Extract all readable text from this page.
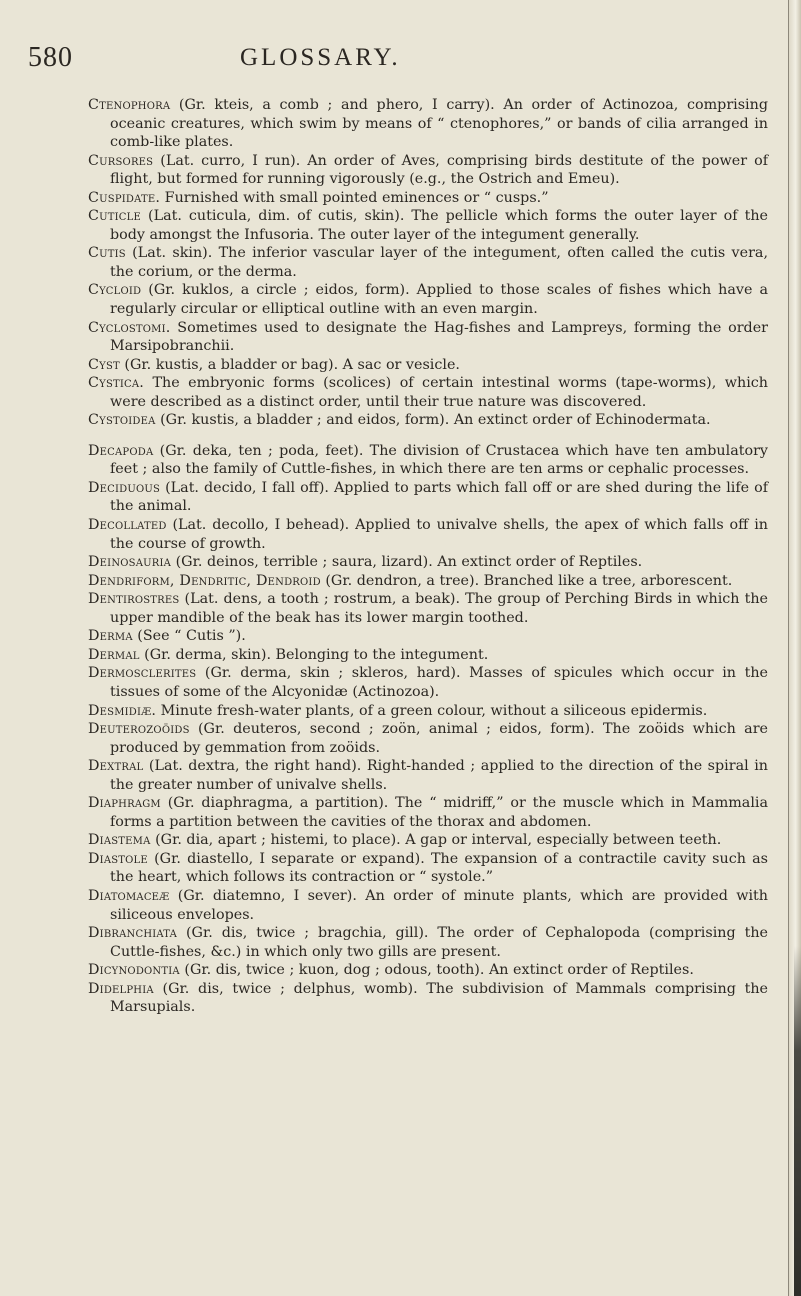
580	GLOSSARY.

Ctenophora (Gr. kteis, a comb ; and phero, I carry). An order of Actinozoa, comprising oceanic creatures, which swim by means of “ ctenophores,” or bands of cilia arranged in comb-like plates.

Cursores (Lat. curro, I run). An order of Aves, comprising birds destitute of the power of flight, but formed for running vigorously (e.g., the Ostrich and Emeu).

Cuspidate. Furnished with small pointed eminences or “ cusps.”

Cuticle (Lat. cuticula, dim. of cutis, skin). The pellicle which forms the outer layer of the body amongst the Infusoria. The outer layer of the integument generally.

Cutis (Lat. skin). The inferior vascular layer of the integument, often called the cutis vera, the corium, or the derma.

Cycloid (Gr. kuklos, a circle ; eidos, form). Applied to those scales of fishes which have a regularly circular or elliptical outline with an even margin.

Cyclostomi. Sometimes used to designate the Hag-fishes and Lampreys, forming the order Marsipobranchii.

Cyst (Gr. kustis, a bladder or bag). A sac or vesicle.

Cystica. The embryonic forms (scolices) of certain intestinal worms (tape-worms), which were described as a distinct order, until their true nature was discovered.

Cystoidea (Gr. kustis, a bladder ; and eidos, form). An extinct order of Echinodermata.

Decapoda (Gr. deka, ten ; poda, feet). The division of Crustacea which have ten ambulatory feet ; also the family of Cuttle-fishes, in which there are ten arms or cephalic processes.

Deciduous (Lat. decido, I fall off). Applied to parts which fall off or are shed during the life of the animal.

Decollated (Lat. decollo, I behead). Applied to univalve shells, the apex of which falls off in the course of growth.

Deinosauria (Gr. deinos, terrible ; saura, lizard). An extinct order of Reptiles.

Dendriform, Dendritic, Dendroid (Gr. dendron, a tree). Branched like a tree, arborescent.

Dentirostres (Lat. dens, a tooth ; rostrum, a beak). The group of Perching Birds in which the upper mandible of the beak has its lower margin toothed.

Derma (See “ Cutis ”).

Dermal (Gr. derma, skin). Belonging to the integument.

Dermosclerites (Gr. derma, skin ; skleros, hard). Masses of spicules which occur in the tissues of some of the Alcyonidæ (Actinozoa).

Desmidiæ. Minute fresh-water plants, of a green colour, without a siliceous epidermis.

Deuterozoöids (Gr. deuteros, second ; zoön, animal ; eidos, form). The zoöids which are produced by gemmation from zoöids.

Dextral (Lat. dextra, the right hand). Right-handed ; applied to the direction of the spiral in the greater number of univalve shells.

Diaphragm (Gr. diaphragma, a partition). The “ midriff,” or the muscle which in Mammalia forms a partition between the cavities of the thorax and abdomen.

Diastema (Gr. dia, apart ; histemi, to place). A gap or interval, especially between teeth.

Diastole (Gr. diastello, I separate or expand). The expansion of a contractile cavity such as the heart, which follows its contraction or “ systole.”

Diatomaceæ (Gr. diatemno, I sever). An order of minute plants, which are provided with siliceous envelopes.

Dibranchiata (Gr. dis, twice ; bragchia, gill). The order of Cephalopoda (comprising the Cuttle-fishes, &c.) in which only two gills are present.

Dicynodontia (Gr. dis, twice ; kuon, dog ; odous, tooth). An extinct order of Reptiles.

Didelphia (Gr. dis, twice ; delphus, womb). The subdivision of Mammals comprising the Marsupials.
